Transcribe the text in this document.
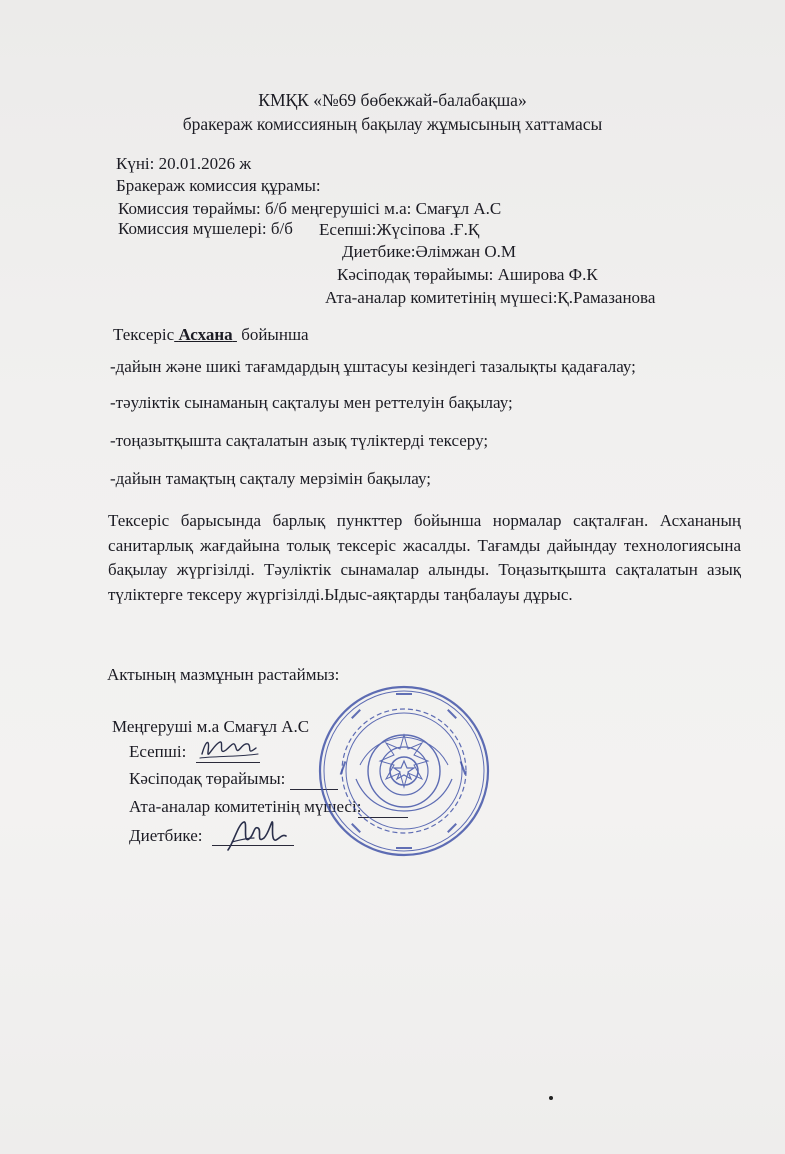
КМҚК «№69 бөбекжай-балабақша»
бракераж комиссияның бақылау жұмысының хаттамасы
Күні: 20.01.2026 ж
Бракераж комиссия құрамы:
Комиссия төраймы: б/б меңгерушісі м.а: Смағұл А.С
Комиссия мүшелері: б/б Есепші:Жүсіпова .Ғ.Қ
Диетбике:Әлімжан О.М
Кәсіподақ төрайымы: Аширова Ф.К
Ата-аналар комитетінің мүшесі:Қ.Рамазанова
Тексеріс Асхана бойынша
-дайын және шикі тағамдардың ұштасуы кезіндегі тазалықты қадағалау;
-тәуліктік сынаманың сақталуы мен реттелуін бақылау;
-тоңазытқышта сақталатын азық түліктерді тексеру;
-дайын тамақтың сақталу мерзімін бақылау;
Тексеріс барысында барлық пункттер бойынша нормалар сақталған. Асхананың санитарлық жағдайына толық тексеріс жасалды. Тағамды дайындау технологиясына бақылау жүргізілді. Тәуліктік сынамалар алынды. Тоңазытқышта сақталатын азық түліктерге тексеру жүргізілді.Ыдыс-аяқтарды таңбалауы дұрыс.
Актының мазмұнын растаймыз:
Меңгеруші м.а Смағұл А.С
Есепші:
Кәсіподақ төрайымы:
Ата-аналар комитетінің мүшесі:
Диетбике:
